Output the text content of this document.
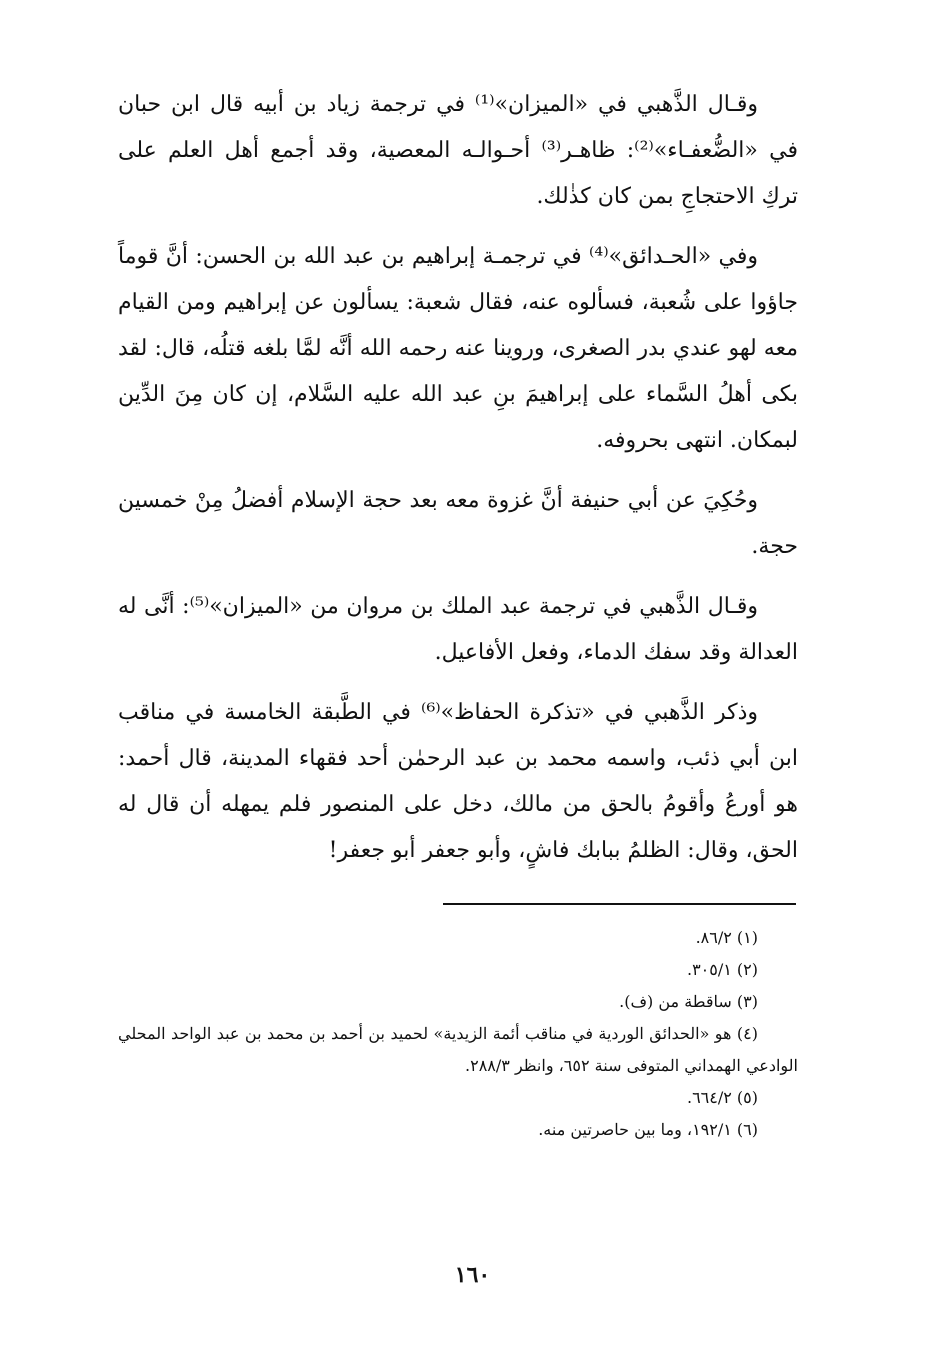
وقـال الذَّهبي في «الميزان»⁽¹⁾ في ترجمة زياد بن أبيه قال ابن حبان في «الضُّعفـاء»⁽²⁾: ظاهـر⁽³⁾ أحـوالـه المعصية، وقد أجمع أهل العلم على تركِ الاحتجاجِ بمن كان كذٰلك.

وفي «الحـدائق»⁽⁴⁾ في ترجمـة إبراهيم بن عبد الله بن الحسن: أنَّ قوماً جاؤوا على شُعبة، فسألوه عنه، فقال شعبة: يسألون عن إبراهيم ومن القيام معه لهو عندي بدر الصغرى، وروينا عنه رحمه الله أنَّه لمَّا بلغه قتلُه، قال: لقد بكى أهلُ السَّماء على إبراهيمَ بنِ عبد الله عليه السَّلام، إن كان مِنَ الدِّين لبمكان. انتهى بحروفه.

وحُكِيَ عن أبي حنيفة أنَّ غزوة معه بعد حجة الإسلام أفضلُ مِنْ خمسين حجة.

وقـال الذَّهبي في ترجمة عبد الملك بن مروان من «الميزان»⁽⁵⁾: أنَّى له العدالة وقد سفك الدماء، وفعل الأفاعيل.

وذكر الذَّهبي في «تذكرة الحفاظ»⁽⁶⁾ في الطَّبقة الخامسة في مناقب ابن أبي ذئب، واسمه محمد بن عبد الرحمٰن أحد فقهاء المدينة، قال أحمد: هو أورعُ وأقومُ بالحق من مالك، دخل على المنصور فلم يمهله أن قال له الحق، وقال: الظلمُ ببابك فاشٍ، وأبو جعفر أبو جعفر!

(١) ٨٦/٢.

(٢) ٣٠٥/١.

(٣) ساقطة من (ف).

(٤) هو «الحدائق الوردية في مناقب أئمة الزيدية» لحميد بن أحمد بن محمد بن عبد الواحد المحلي الوادعي الهمداني المتوفى سنة ٦٥٢، وانظر ٢٨٨/٣.

(٥) ٦٦٤/٢.

(٦) ١٩٢/١، وما بين حاصرتين منه.

١٦٠
